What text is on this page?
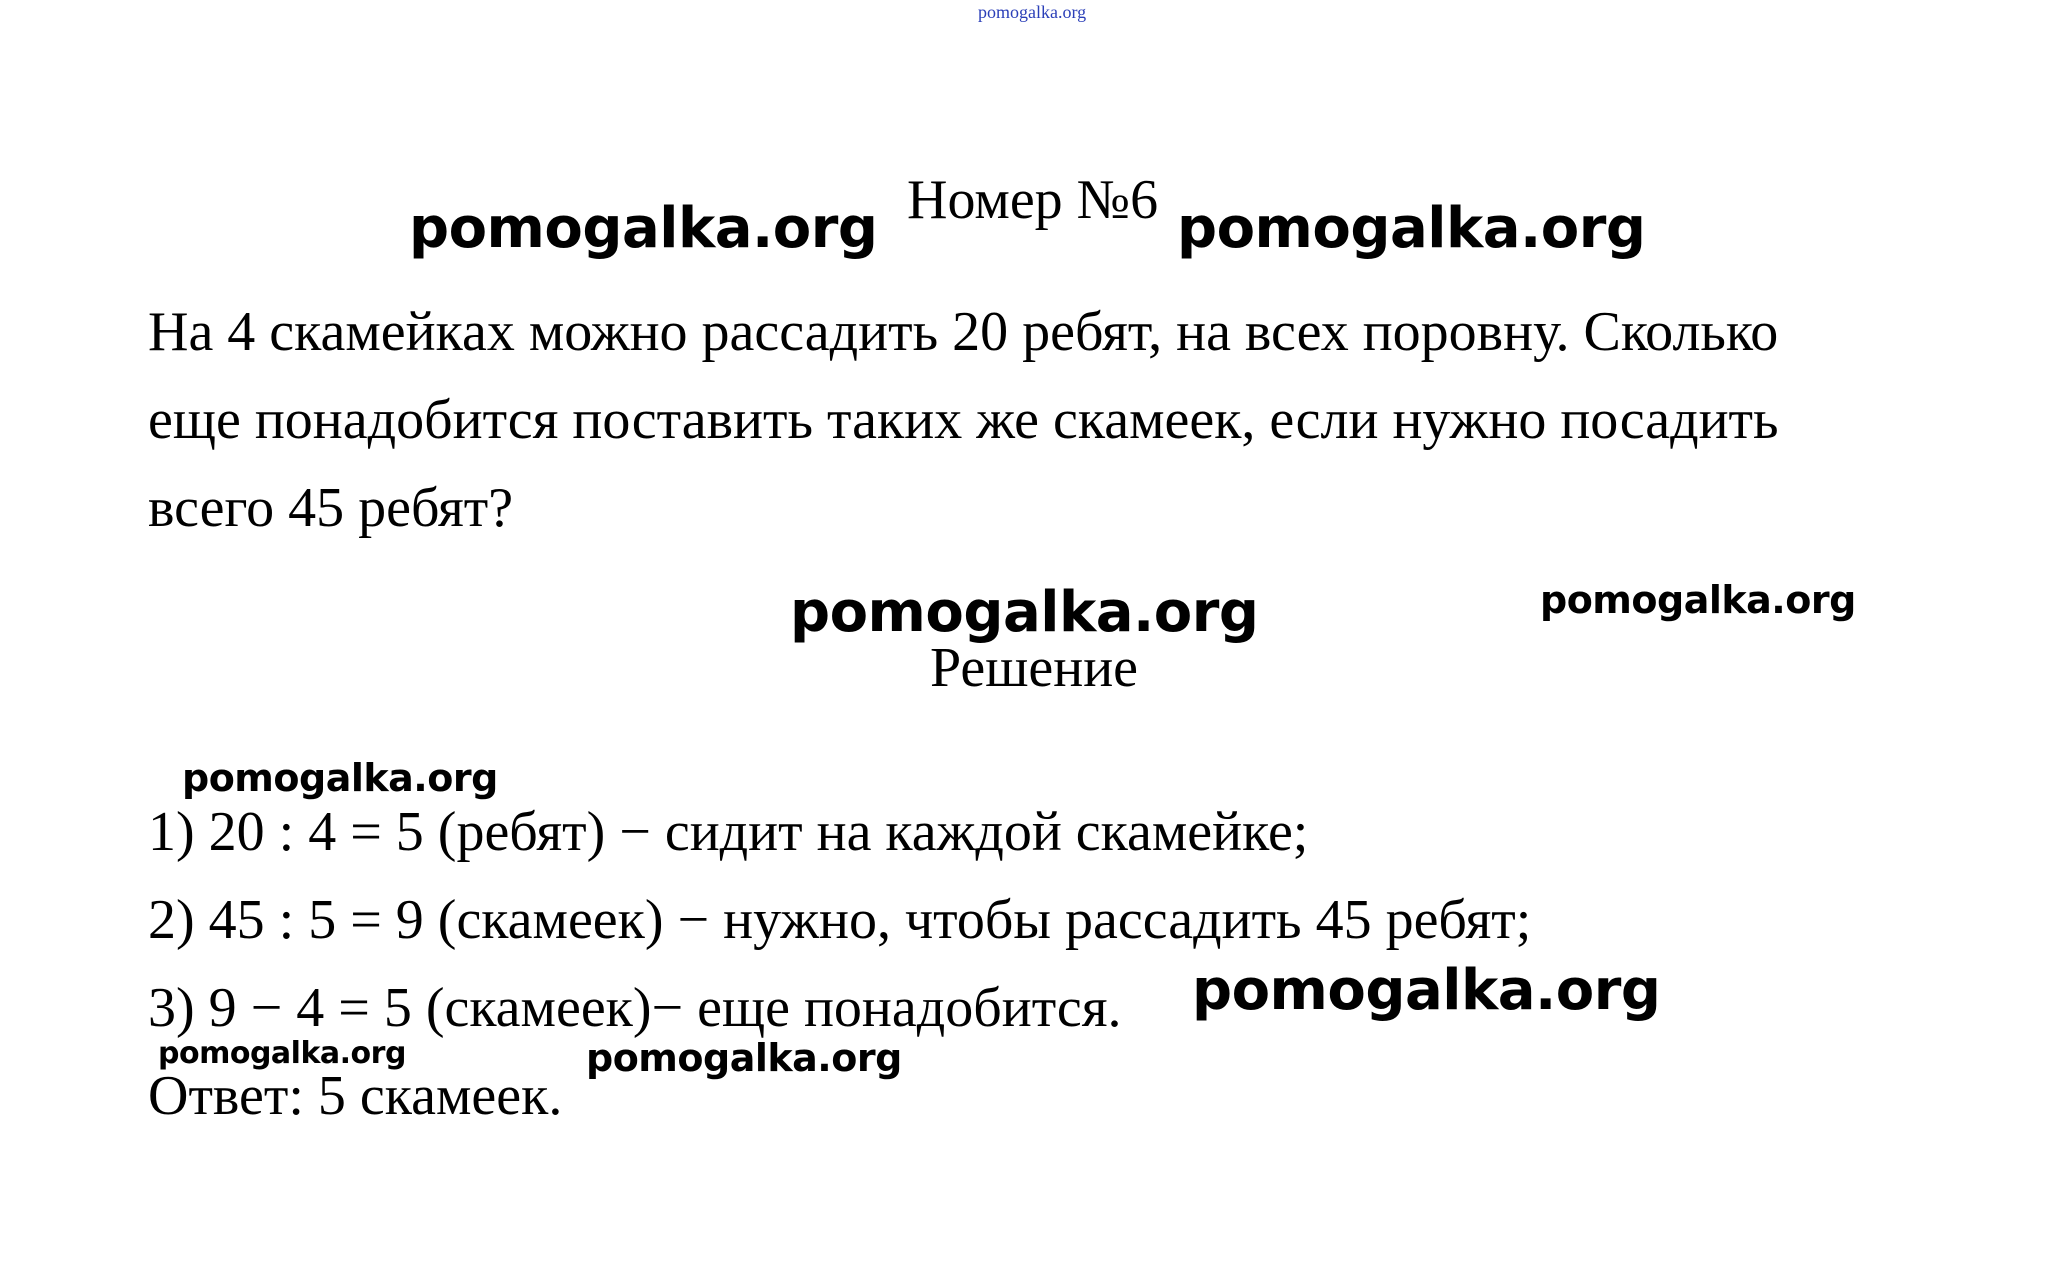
pomogalka.org
Номер №6
На 4 скамейках можно рассадить 20 ребят, на всех поровну. Сколько
еще понадобится поставить таких же скамеек, если нужно посадить
всего 45 ребят?
Решение
1) 20 : 4 = 5 (ребят) − сидит на каждой скамейке;
2) 45 : 5 = 9 (скамеек) − нужно, чтобы рассадить 45 ребят;
3) 9 − 4 = 5 (скамеек)− еще понадобится.
Ответ: 5 скамеек.
pomogalka.org	pomogalka.org
pomogalka.org	pomogalka.org
pomogalka.org
pomogalka.org
pomogalka.org	pomogalka.org
